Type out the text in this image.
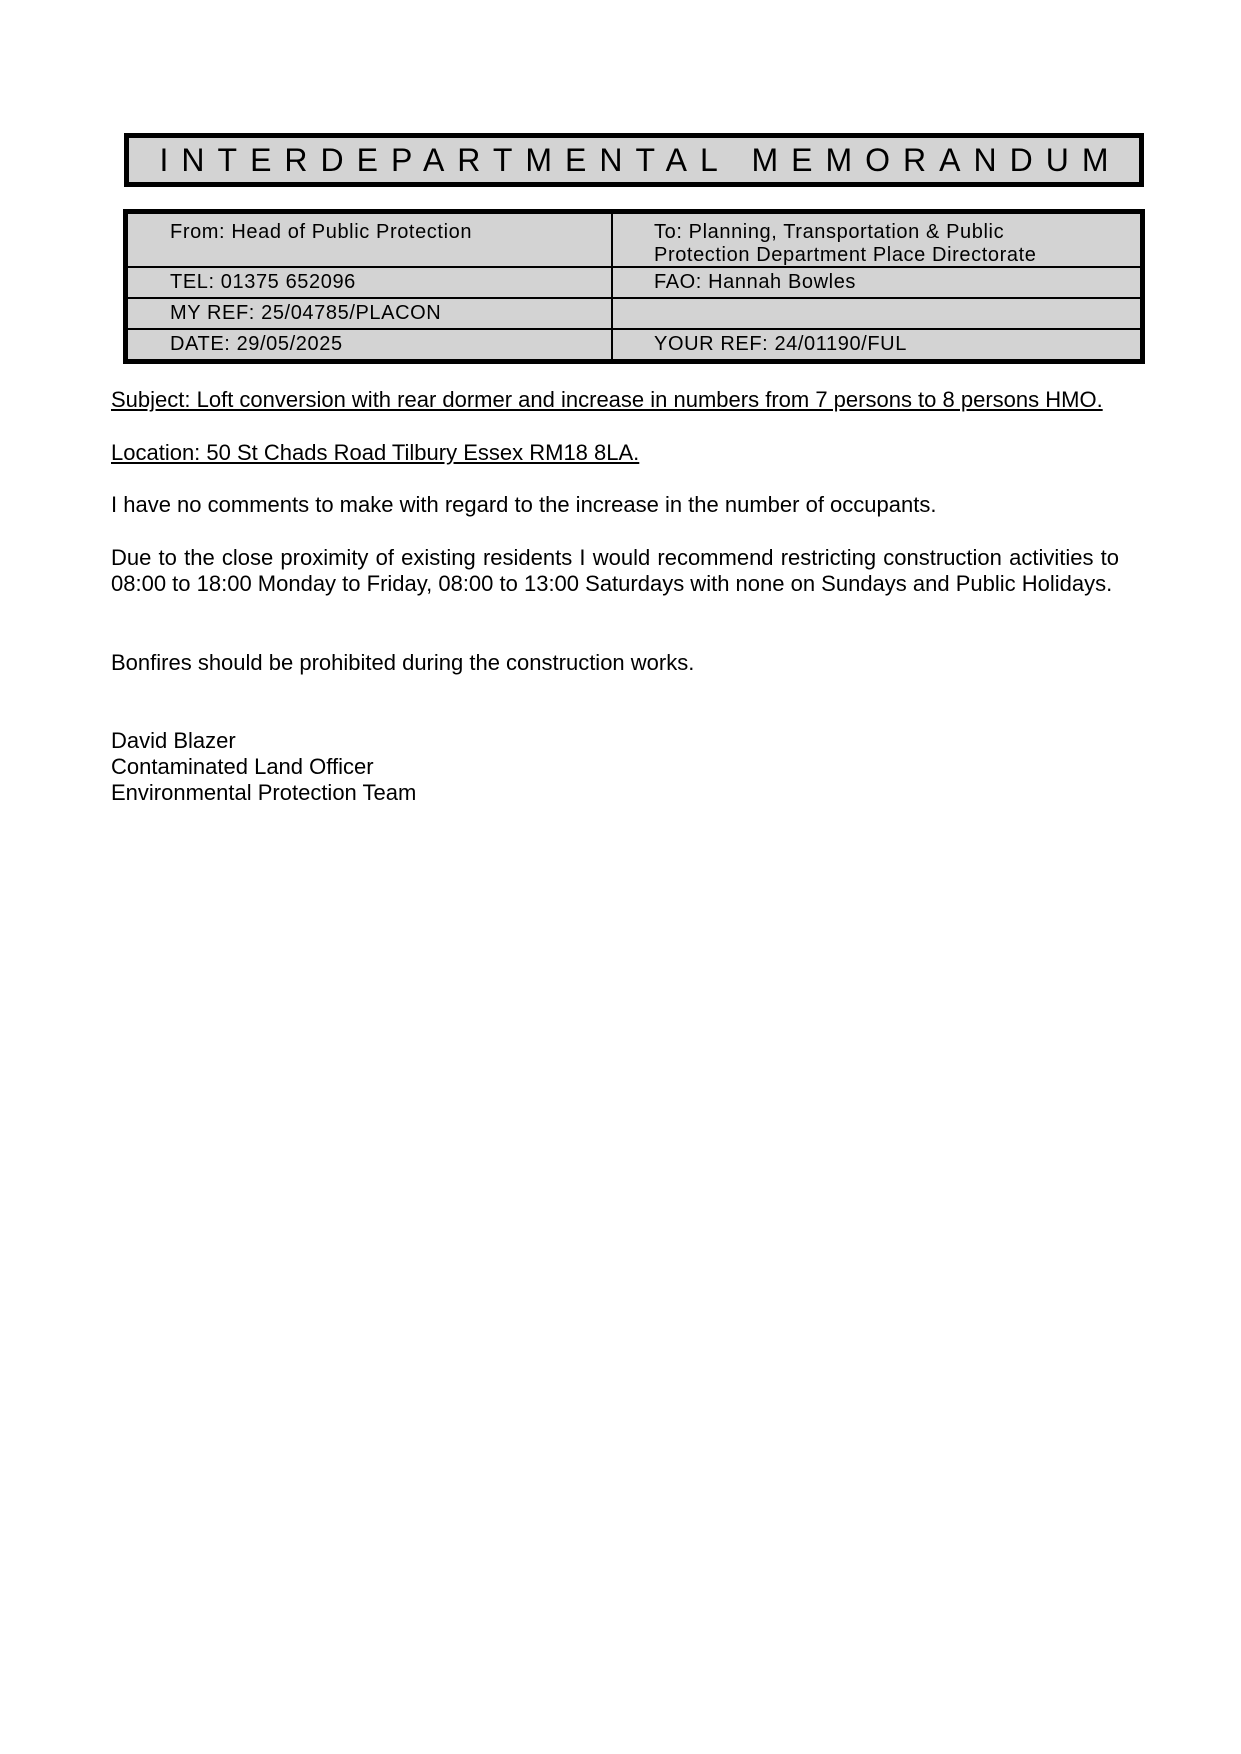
INTERDEPARTMENTAL MEMORANDUM
From: Head of Public Protection	To: Planning, Transportation & Public
Protection Department Place Directorate
TEL: 01375 652096	FAO: Hannah Bowles
MY REF: 25/04785/PLACON
DATE: 29/05/2025	YOUR REF: 24/01190/FUL
Subject: Loft conversion with rear dormer and increase in numbers from 7 persons to 8 persons HMO.
Location: 50 St Chads Road Tilbury Essex RM18 8LA.
I have no comments to make with regard to the increase in the number of occupants.
Due to the close proximity of existing residents I would recommend restricting construction activities to 08:00 to 18:00 Monday to Friday, 08:00 to 13:00 Saturdays with none on Sundays and Public Holidays.
Bonfires should be prohibited during the construction works.
David Blazer
Contaminated Land Officer
Environmental Protection Team
